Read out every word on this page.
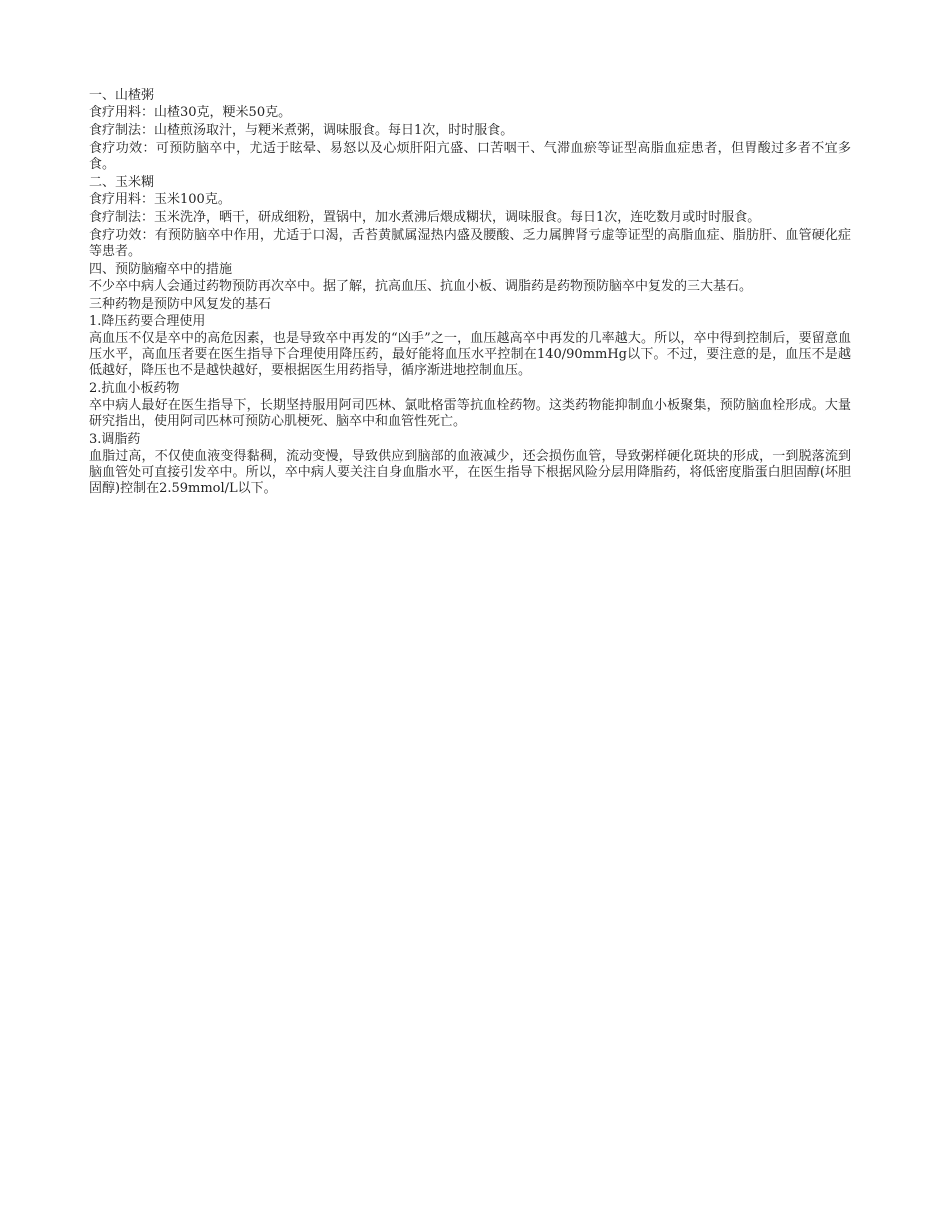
一、山楂粥

食疗用料：山楂30克，粳米50克。

食疗制法：山楂煎汤取汁，与粳米煮粥，调味服食。每日1次，时时服食。

食疗功效：可预防脑卒中，尤适于眩晕、易怒以及心烦肝阳亢盛、口苦咽干、气滞血瘀等证型高脂血症患者，但胃酸过多者不宜多食。

二、玉米糊

食疗用料：玉米100克。

食疗制法：玉米洗净，晒干，研成细粉，置锅中，加水煮沸后煨成糊状，调味服食。每日1次，连吃数月或时时服食。

食疗功效：有预防脑卒中作用，尤适于口渴，舌苔黄腻属湿热内盛及腰酸、乏力属脾肾亏虚等证型的高脂血症、脂肪肝、血管硬化症等患者。

四、预防脑瘤卒中的措施

不少卒中病人会通过药物预防再次卒中。据了解，抗高血压、抗血小板、调脂药是药物预防脑卒中复发的三大基石。

三种药物是预防中风复发的基石

1.降压药要合理使用

高血压不仅是卒中的高危因素，也是导致卒中再发的“凶手”之一，血压越高卒中再发的几率越大。所以，卒中得到控制后，要留意血压水平，高血压者要在医生指导下合理使用降压药，最好能将血压水平控制在140/90mmHg以下。不过，要注意的是，血压不是越低越好，降压也不是越快越好，要根据医生用药指导，循序渐进地控制血压。

2.抗血小板药物

卒中病人最好在医生指导下，长期坚持服用阿司匹林、氯吡格雷等抗血栓药物。这类药物能抑制血小板聚集，预防脑血栓形成。大量研究指出，使用阿司匹林可预防心肌梗死、脑卒中和血管性死亡。

3.调脂药

血脂过高，不仅使血液变得黏稠，流动变慢，导致供应到脑部的血液减少，还会损伤血管，导致粥样硬化斑块的形成，一到脱落流到脑血管处可直接引发卒中。所以，卒中病人要关注自身血脂水平，在医生指导下根据风险分层用降脂药，将低密度脂蛋白胆固醇(坏胆固醇)控制在2.59mmol/L以下。
